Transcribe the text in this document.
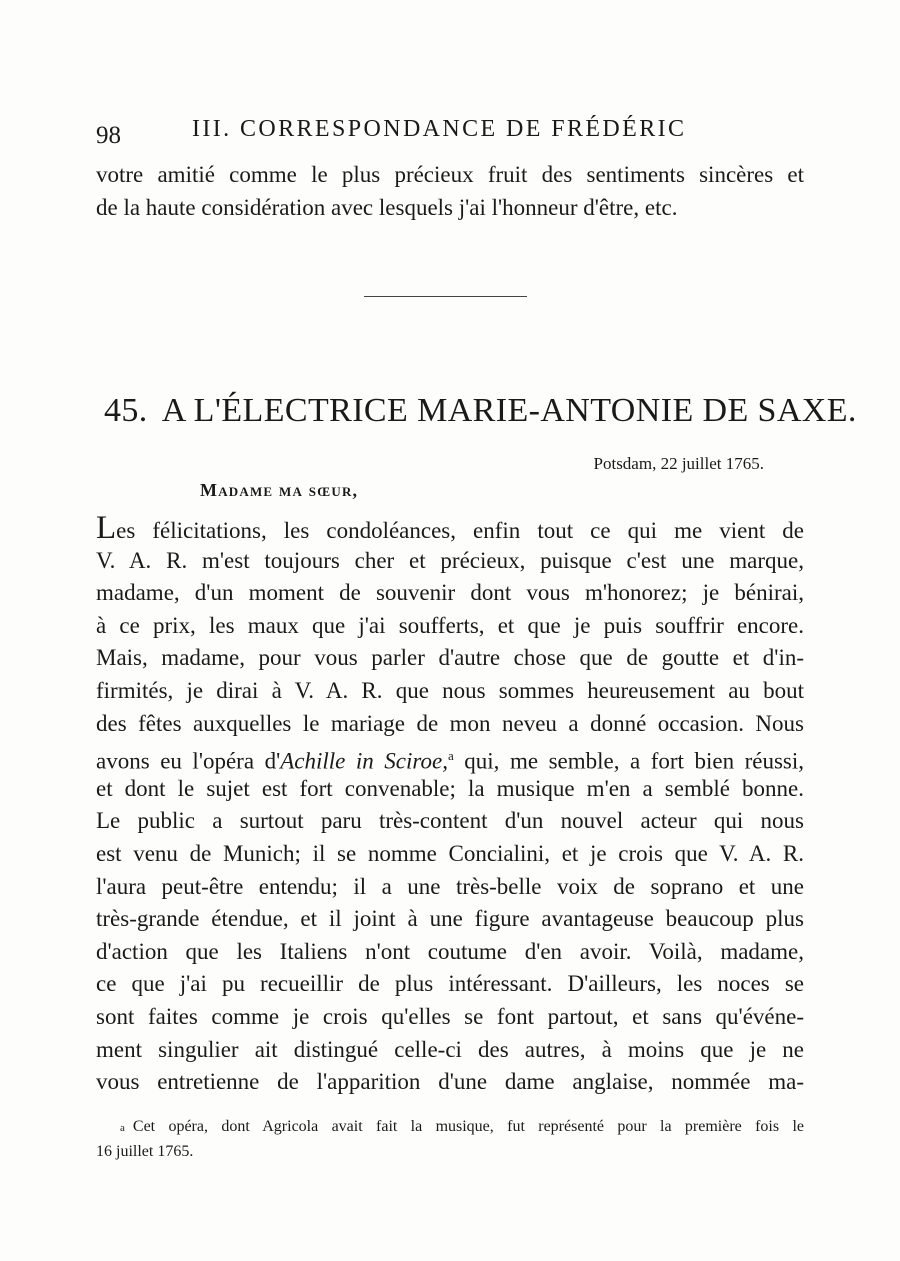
98	III. CORRESPONDANCE DE FRÉDÉRIC
votre amitié comme le plus précieux fruit des sentiments sincères et
de la haute considération avec lesquels j'ai l'honneur d'être, etc.
45. A L'ÉLECTRICE MARIE-ANTONIE DE SAXE.
Potsdam, 22 juillet 1765.
Madame ma sœur,
Les félicitations, les condoléances, enfin tout ce qui me vient de
V. A. R. m'est toujours cher et précieux, puisque c'est une marque,
madame, d'un moment de souvenir dont vous m'honorez; je bénirai,
à ce prix, les maux que j'ai soufferts, et que je puis souffrir encore.
Mais, madame, pour vous parler d'autre chose que de goutte et d'in-
firmités, je dirai à V. A. R. que nous sommes heureusement au bout
des fêtes auxquelles le mariage de mon neveu a donné occasion. Nous
avons eu l'opéra d'Achille in Sciroe,$^a$ qui, me semble, a fort bien réussi,
et dont le sujet est fort convenable; la musique m'en a semblé bonne.
Le public a surtout paru très-content d'un nouvel acteur qui nous
est venu de Munich; il se nomme Concialini, et je crois que V. A. R.
l'aura peut-être entendu; il a une très-belle voix de soprano et une
très-grande étendue, et il joint à une figure avantageuse beaucoup plus
d'action que les Italiens n'ont coutume d'en avoir. Voilà, madame,
ce que j'ai pu recueillir de plus intéressant. D'ailleurs, les noces se
sont faites comme je crois qu'elles se font partout, et sans qu'événe-
ment singulier ait distingué celle-ci des autres, à moins que je ne
vous entretienne de l'apparition d'une dame anglaise, nommée ma-
$^a$ Cet opéra, dont Agricola avait fait la musique, fut représenté pour la première fois le
16 juillet 1765.
